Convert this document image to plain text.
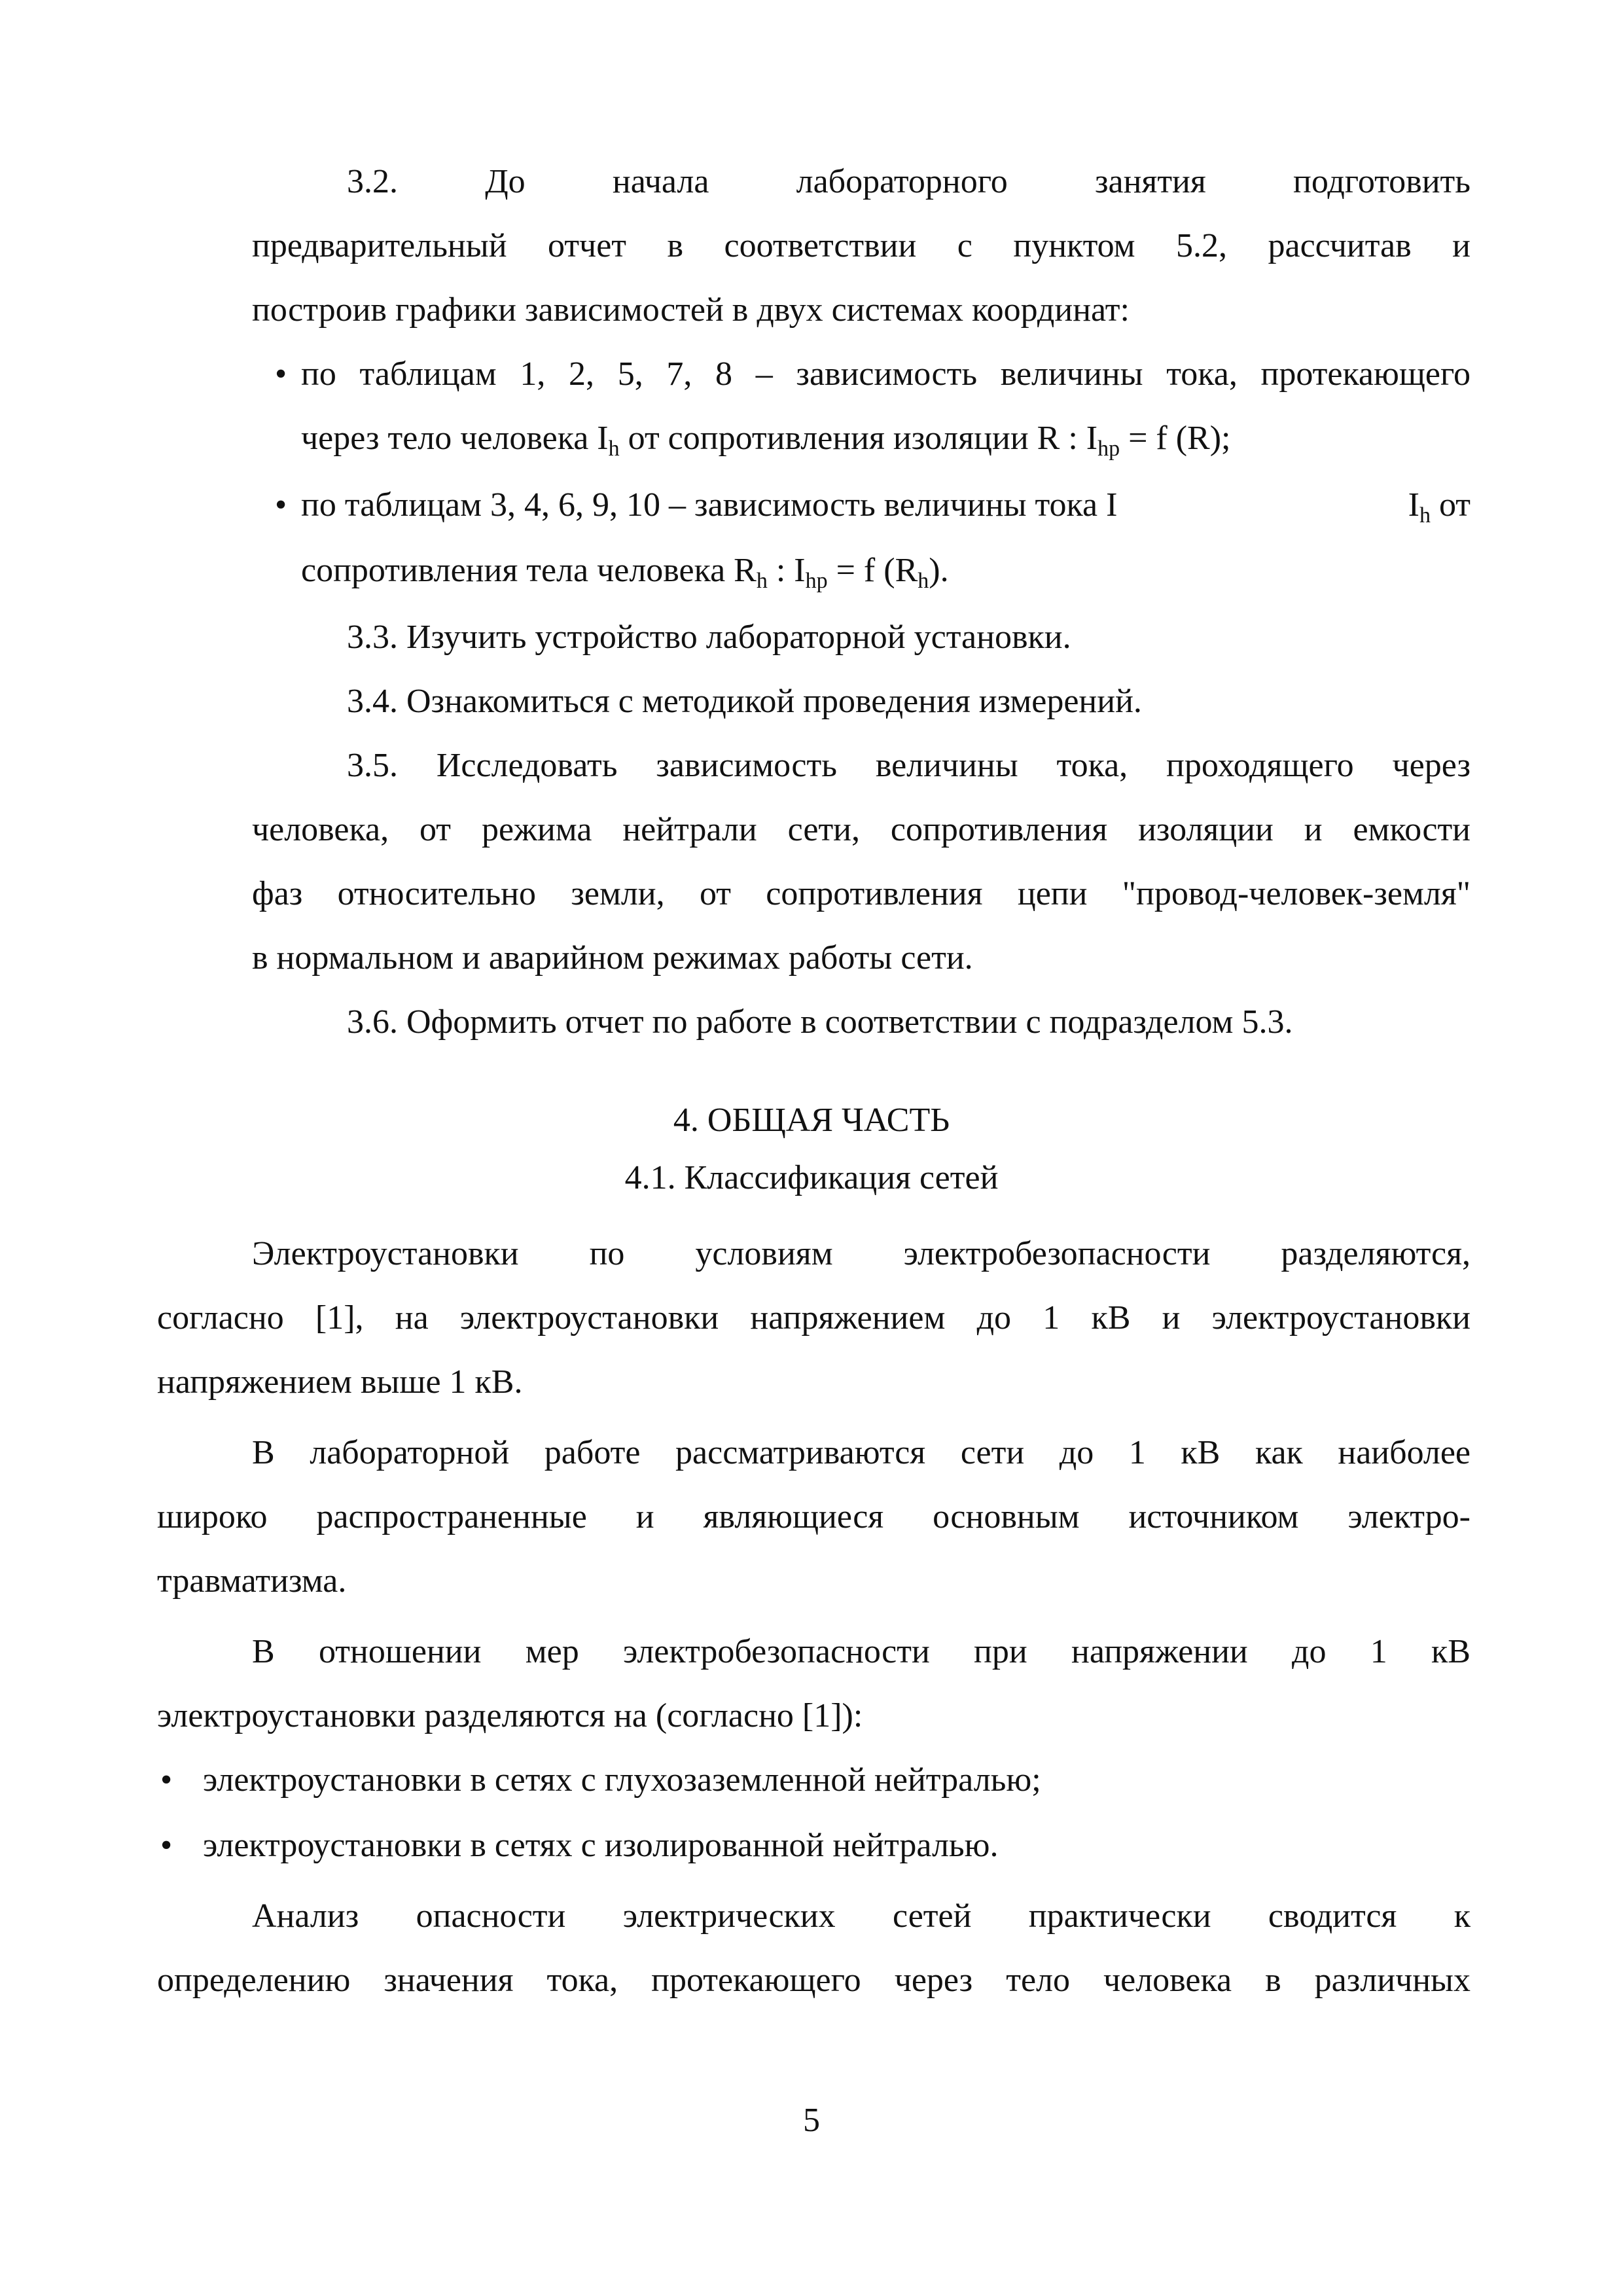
3.2. До начала лабораторного занятия подготовить
предварительный отчет в соответствии с пунктом 5.2, рассчитав и
построив графики зависимостей в двух системах координат:
• по таблицам 1, 2, 5, 7, 8 – зависимость величины тока, протекающего
через тело человека $I_h$ от сопротивления изоляции R : $I_{hp} = f$ (R);
• по таблицам 3, 4, 6, 9, 10 – зависимость величины тока I	$I_h$ от
сопротивления тела человека $R_h$ : $I_{hp} = f$ $(R_h)$.
3.3. Изучить устройство лабораторной установки.
3.4. Ознакомиться с методикой проведения измерений.
3.5. Исследовать зависимость величины тока, проходящего через
человека, от режима нейтрали сети, сопротивления изоляции и емкости
фаз относительно земли, от сопротивления цепи "провод-человек-земля"
в нормальном и аварийном режимах работы сети.
3.6. Оформить отчет по работе в соответствии с подразделом 5.3.
4. ОБЩАЯ ЧАСТЬ
4.1. Классификация сетей
Электроустановки по условиям электробезопасности разделяются,
согласно [1], на электроустановки напряжением до 1 кВ и электроустановки
напряжением выше 1 кВ.
В лабораторной работе рассматриваются сети до 1 кВ как наиболее
широко распространенные и являющиеся основным источником электро-
травматизма.
В отношении мер электробезопасности при напряжении до 1 кВ
электроустановки разделяются на (согласно [1]):
• электроустановки в сетях с глухозаземленной нейтралью;
• электроустановки в сетях с изолированной нейтралью.
Анализ опасности электрических сетей практически сводится к
определению значения тока, протекающего через тело человека в различных
5
